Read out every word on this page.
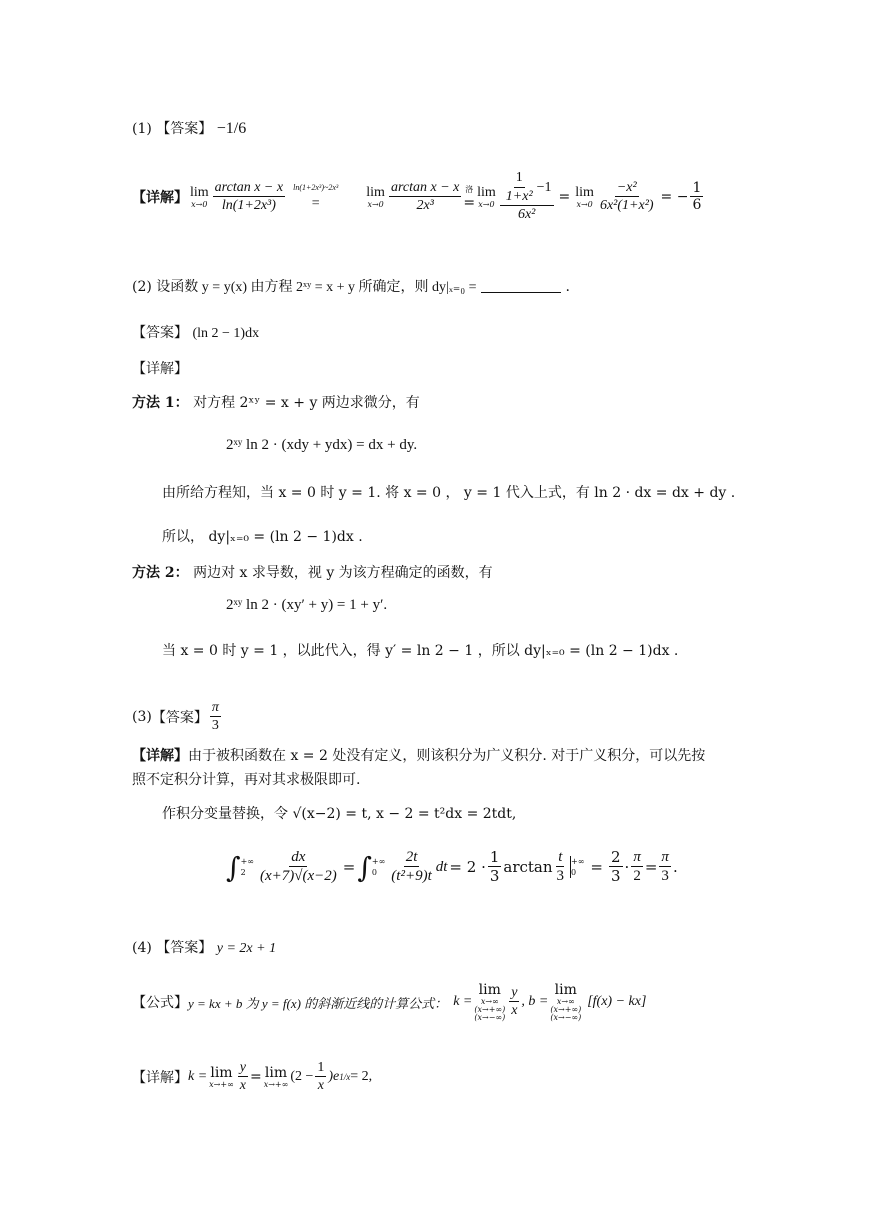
(1) 【答案】 −1/6
【详解】 lim
$x\to 0 \frac{\text{arctan x − x}}{\text{ln(1+2x³)}}$ ln(1+2x³)~2x³
=
lim
$x\to 0 \frac{\text{arctan x − x}}{\text{2x³}}$ 洛
=
lim
$x\to 0 \frac{\frac{1}{\text{1+x²}} -1}{\text{6x²}} = \lim$
$x\to 0 \frac{\text{−x²}}{\text{6x²(1+x²)}}$ = − $\frac{1}{6}$
(2) 设函数 y = y(x) 由方程 2ˣʸ = x + y 所确定，则 dy|ₓ₌₀ =	.
【答案】 (ln 2 − 1)dx
【详解】
方法 1： 对方程 2ˣʸ = x + y 两边求微分，有
2ˣʸ ln 2 · (xdy + ydx) = dx + dy.
由所给方程知，当 x = 0 时 y = 1. 将 x = 0 ， y = 1 代入上式，有 ln 2 · dx = dx + dy .
所以， dy|ₓ₌₀ = (ln 2 − 1)dx .
方法 2： 两边对 x 求导数，视 y 为该方程确定的函数，有
2ˣʸ ln 2 · (xy′ + y) = 1 + y′.
当 x = 0 时 y = 1 ，以此代入，得 y′ = ln 2 − 1 ，所以 dy|ₓ₌₀ = (ln 2 − 1)dx .
(3) 【答案】 $\frac{\pi}{3}$
【详解】由于被积函数在 x = 2 处没有定义，则该积分为广义积分. 对于广义积分，可以先按
照不定积分计算，再对其求极限即可.
作积分变量替换，令 √(x−2) = t, x − 2 = t²dx = 2tdt,
∫ +∞
$2 \frac{dx}{(x+7)√(x-2)}$ = ∫ +∞
$0 \frac{2t}{\text{(t²+9)t}}$ dt = $2 \cdot \frac{1}{3}$ $\arctan \frac{t}{3}$ +∞
$0 = \frac{2}{3} \cdot \frac{\pi}{2} = \frac{\pi}{3}$ .
(4) 【答案】 y = 2x + 1
【公式】 y = kx + b 为 y = f(x) 的斜渐近线的计算公式： k =
lim
x→∞
(x→+∞)
$(x\to-\infty) \frac{y}{x}$ , b =
lim
x→∞
(x→+∞)
(x→−∞)
[f(x) − kx]
【详解】 k = lim
$x\to+\infty \frac{y}{x} = \lim$
x→+∞
$(2 - \frac{1}{x} )e$ 1/x = 2,
